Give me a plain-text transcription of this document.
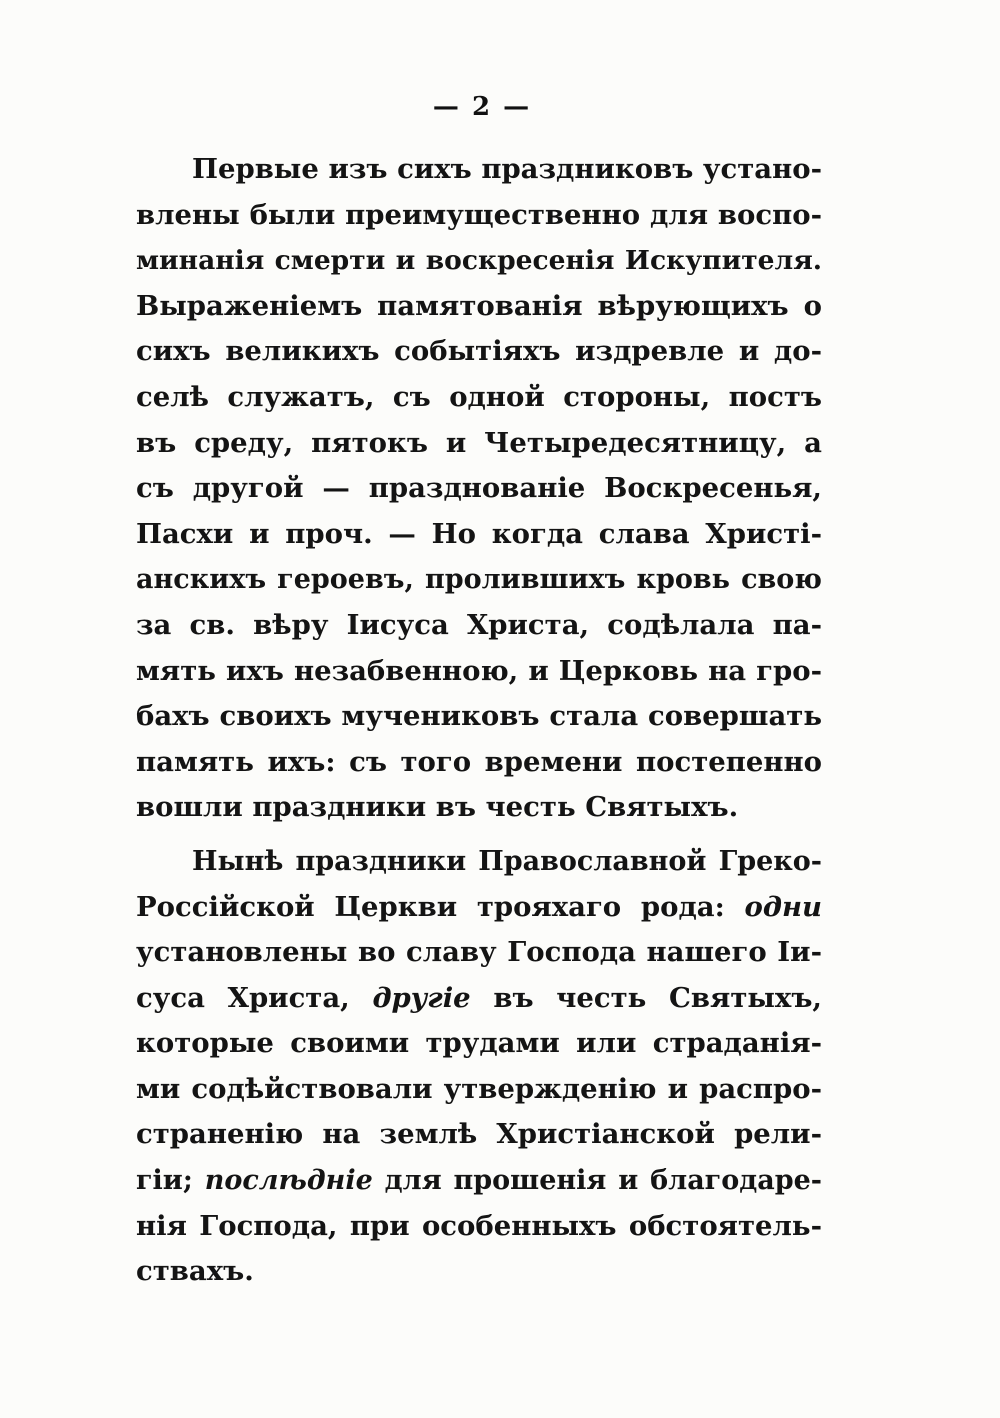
— 2 —
Первые изъ сихъ праздниковъ устано-
влены были преимущественно для воспо-
минанія смерти и воскресенія Искупителя.
Выраженіемъ памятованія вѣрующихъ о
сихъ великихъ событіяхъ издревле и до-
селѣ служатъ, съ одной стороны, постъ
въ среду, пятокъ и Четыредесятницу, а
съ другой — празднованіе Воскресенья,
Пасхи и проч. — Но когда слава Христі-
анскихъ героевъ, пролившихъ кровь свою
за св. вѣру Іисуса Христа, содѣлала па-
мять ихъ незабвенною, и Церковь на гро-
бахъ своихъ мучениковъ стала совершать
память ихъ: съ того времени постепенно
вошли праздники въ честь Святыхъ.
Нынѣ праздники Православной Греко-
Россійской Церкви трояхаго рода: одни
установлены во славу Господа нашего Іи-
суса Христа, другіе въ честь Святыхъ,
которые своими трудами или страданія-
ми содѣйствовали утвержденію и распро-
страненію на землѣ Христіанской рели-
гіи; послѣдніе для прошенія и благодаре-
нія Господа, при особенныхъ обстоятель-
ствахъ.
